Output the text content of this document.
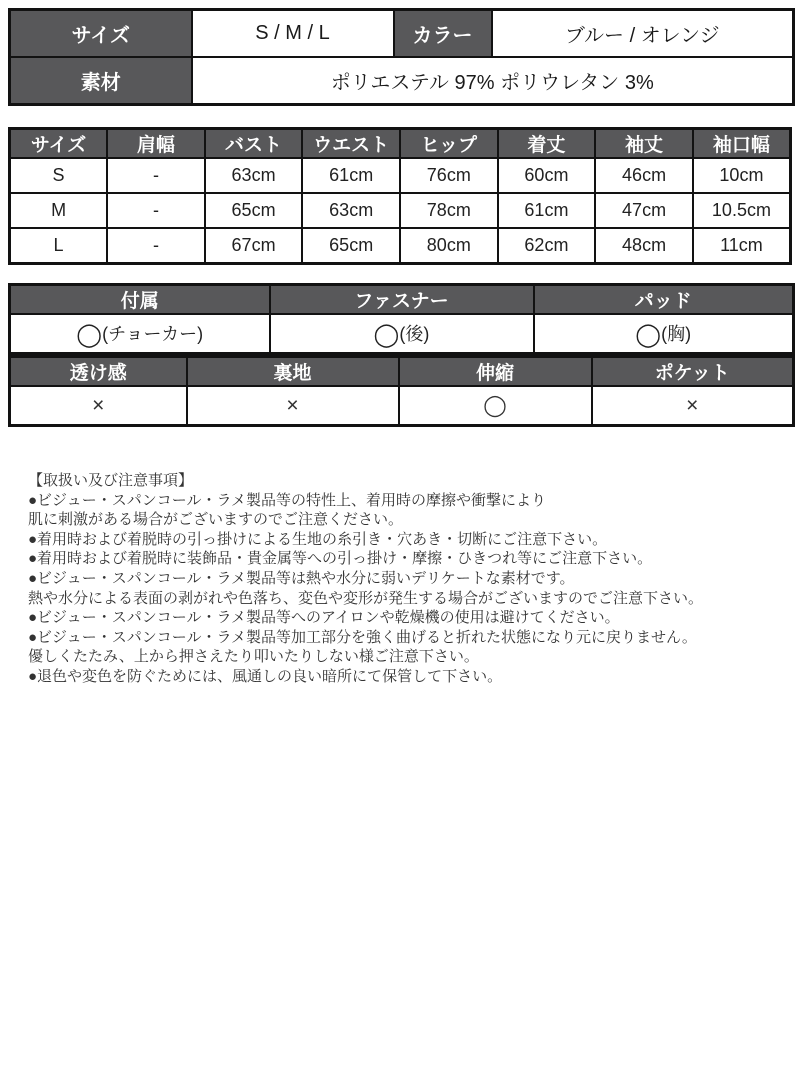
サイズ	S / M / L	カラー	ブルー / オレンジ
素材	ポリエステル 97% ポリウレタン 3%		
サイズ	肩幅	バスト	ウエスト	ヒップ	着丈	袖丈	袖口幅
S	-	63cm	61cm	76cm	60cm	46cm	10cm
M	-	65cm	63cm	78cm	61cm	47cm	10.5cm
L	-	67cm	65cm	80cm	62cm	48cm	11cm
付属	ファスナー	パッド
◯(チョーカー)	◯(後)	◯(胸)
透け感	裏地	伸縮	ポケット
×	×	◯	×
【取扱い及び注意事項】
●ビジュー・スパンコール・ラメ製品等の特性上、着用時の摩擦や衝撃により
肌に刺激がある場合がございますのでご注意ください。
●着用時および着脱時の引っ掛けによる生地の糸引き・穴あき・切断にご注意下さい。
●着用時および着脱時に装飾品・貴金属等への引っ掛け・摩擦・ひきつれ等にご注意下さい。
●ビジュー・スパンコール・ラメ製品等は熱や水分に弱いデリケートな素材です。
熱や水分による表面の剥がれや色落ち、変色や変形が発生する場合がございますのでご注意下さい。
●ビジュー・スパンコール・ラメ製品等へのアイロンや乾燥機の使用は避けてください。
●ビジュー・スパンコール・ラメ製品等加工部分を強く曲げると折れた状態になり元に戻りません。
優しくたたみ、上から押さえたり叩いたりしない様ご注意下さい。
●退色や変色を防ぐためには、風通しの良い暗所にて保管して下さい。
